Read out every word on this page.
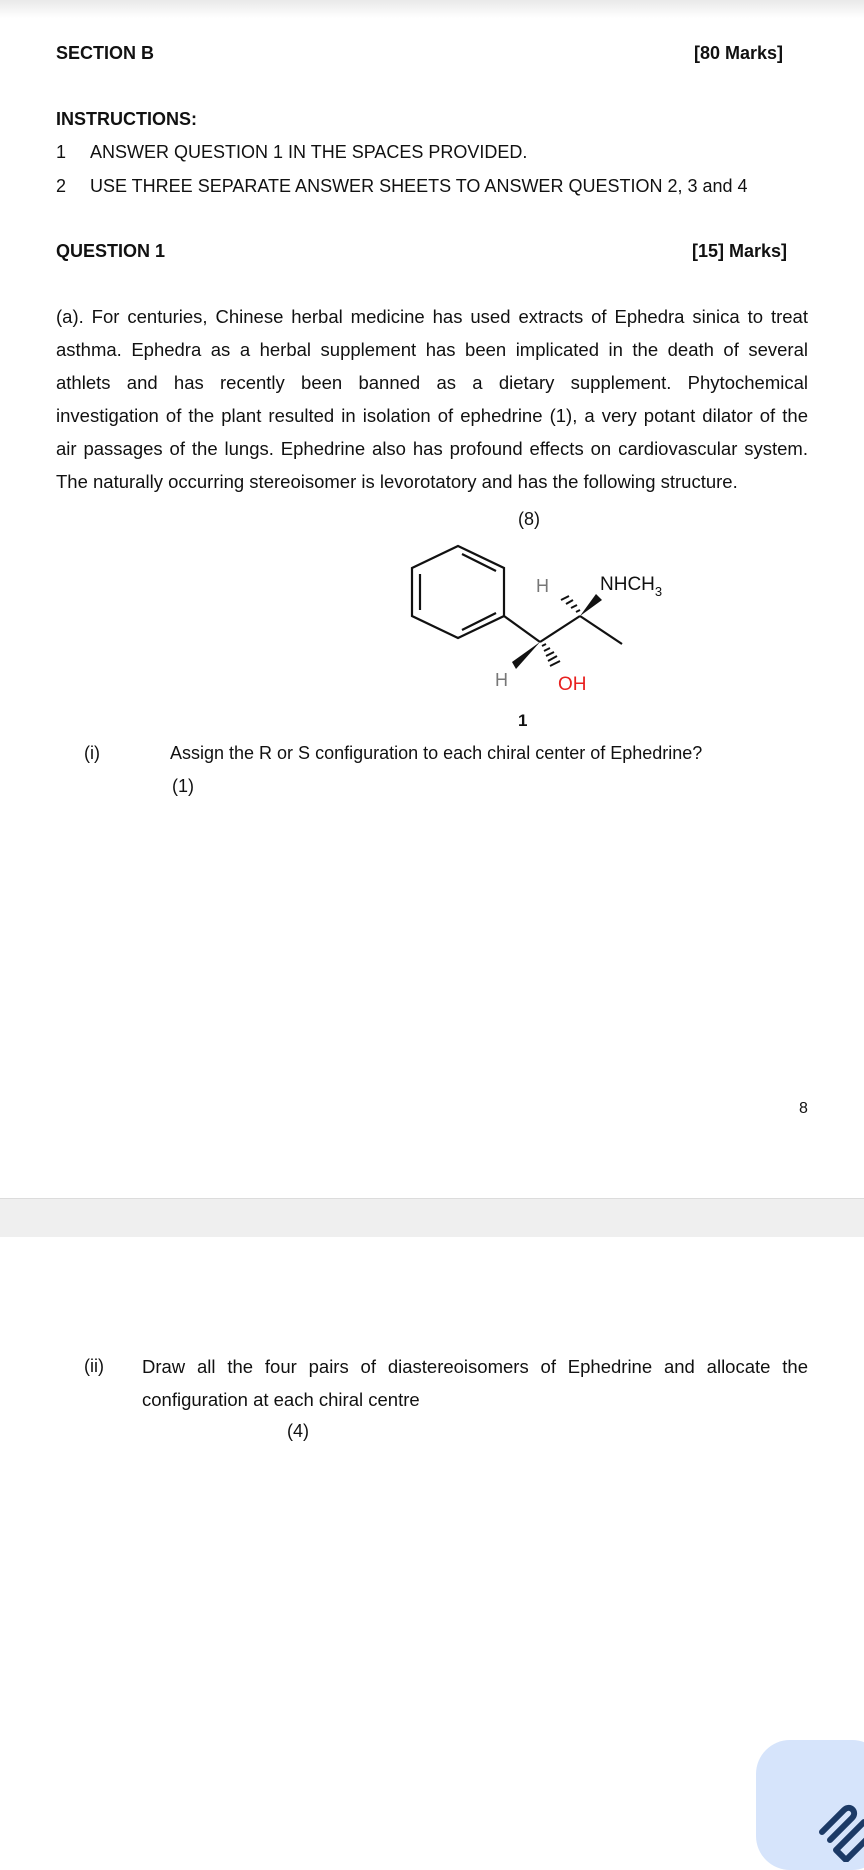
SECTION B	[80 Marks]
INSTRUCTIONS:
1 ANSWER QUESTION 1 IN THE SPACES PROVIDED.
2 USE THREE SEPARATE ANSWER SHEETS TO ANSWER QUESTION 2, 3 and 4
QUESTION 1	[15] Marks]
(a). For centuries, Chinese herbal medicine has used extracts of Ephedra sinica to treat
asthma. Ephedra as a herbal supplement has been implicated in the death of several
athlets and has recently been banned as a dietary supplement. Phytochemical
investigation of the plant resulted in isolation of ephedrine (1), a very potant dilator of the
air passages of the lungs. Ephedrine also has profound effects on cardiovascular system.
The naturally occurring stereoisomer is levorotatory and has the following structure.
(8)
H	$NHCH_3$
H	OH
1
(i)	Assign the R or S configuration to each chiral center of Ephedrine?
(1)
8
(ii) Draw all the four pairs of diastereoisomers of Ephedrine and allocate the
configuration at each chiral centre
(4)
